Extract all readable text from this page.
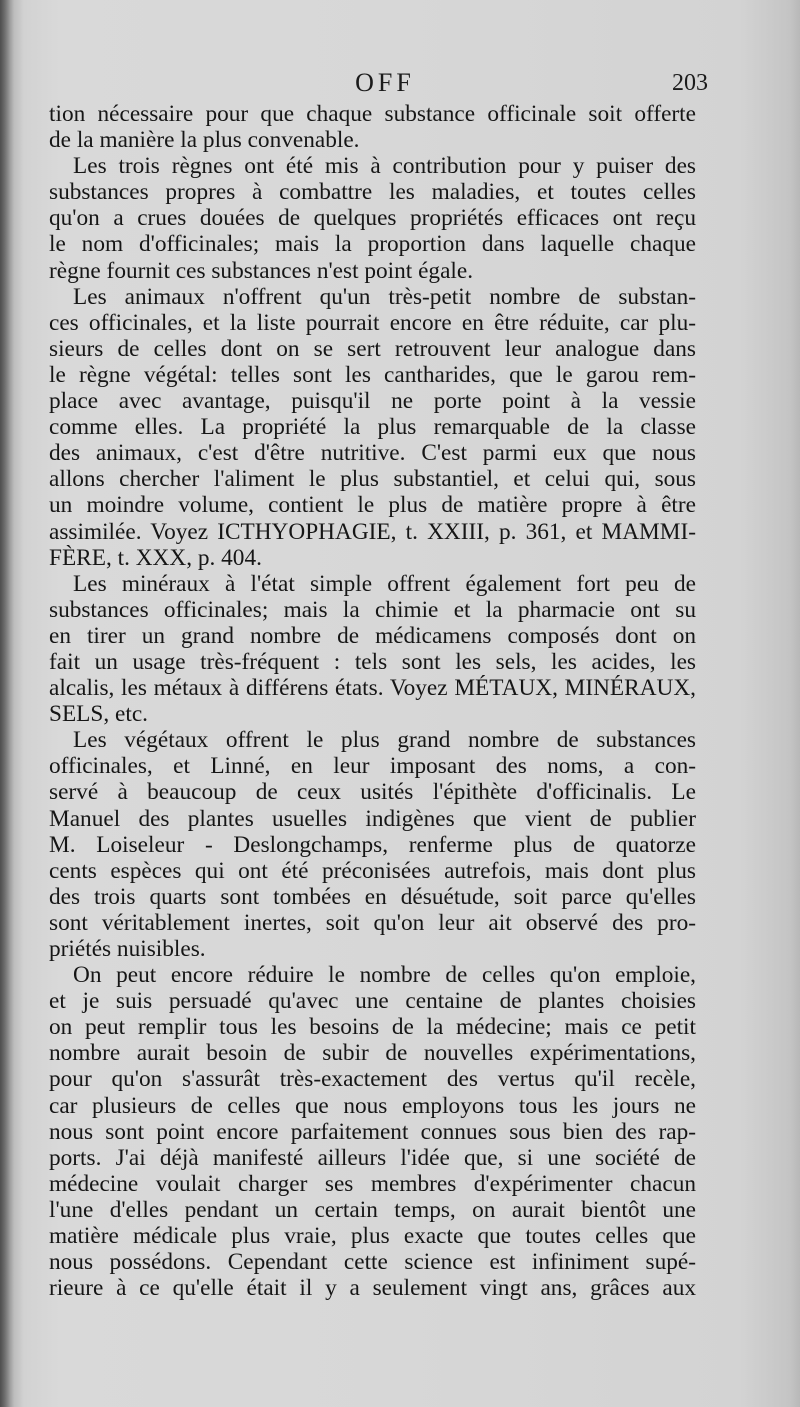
OFF	203
tion nécessaire pour que chaque substance officinale soit offerte
de la manière la plus convenable.
Les trois règnes ont été mis à contribution pour y puiser des
substances propres à combattre les maladies, et toutes celles
qu'on a crues douées de quelques propriétés efficaces ont reçu
le nom d'officinales; mais la proportion dans laquelle chaque
règne fournit ces substances n'est point égale.
Les animaux n'offrent qu'un très-petit nombre de substan-
ces officinales, et la liste pourrait encore en être réduite, car plu-
sieurs de celles dont on se sert retrouvent leur analogue dans
le règne végétal: telles sont les cantharides, que le garou rem-
place avec avantage, puisqu'il ne porte point à la vessie
comme elles. La propriété la plus remarquable de la classe
des animaux, c'est d'être nutritive. C'est parmi eux que nous
allons chercher l'aliment le plus substantiel, et celui qui, sous
un moindre volume, contient le plus de matière propre à être
assimilée. Voyez ICTHYOPHAGIE, t. XXIII, p. 361, et MAMMI-
FÈRE, t. XXX, p. 404.
Les minéraux à l'état simple offrent également fort peu de
substances officinales; mais la chimie et la pharmacie ont su
en tirer un grand nombre de médicamens composés dont on
fait un usage très-fréquent : tels sont les sels, les acides, les
alcalis, les métaux à différens états. Voyez MÉTAUX, MINÉRAUX,
SELS, etc.
Les végétaux offrent le plus grand nombre de substances
officinales, et Linné, en leur imposant des noms, a con-
servé à beaucoup de ceux usités l'épithète d'officinalis. Le
Manuel des plantes usuelles indigènes que vient de publier
M. Loiseleur - Deslongchamps, renferme plus de quatorze
cents espèces qui ont été préconisées autrefois, mais dont plus
des trois quarts sont tombées en désuétude, soit parce qu'elles
sont véritablement inertes, soit qu'on leur ait observé des pro-
priétés nuisibles.
On peut encore réduire le nombre de celles qu'on emploie,
et je suis persuadé qu'avec une centaine de plantes choisies
on peut remplir tous les besoins de la médecine; mais ce petit
nombre aurait besoin de subir de nouvelles expérimentations,
pour qu'on s'assurât très-exactement des vertus qu'il recèle,
car plusieurs de celles que nous employons tous les jours ne
nous sont point encore parfaitement connues sous bien des rap-
ports. J'ai déjà manifesté ailleurs l'idée que, si une société de
médecine voulait charger ses membres d'expérimenter chacun
l'une d'elles pendant un certain temps, on aurait bientôt une
matière médicale plus vraie, plus exacte que toutes celles que
nous possédons. Cependant cette science est infiniment supé-
rieure à ce qu'elle était il y a seulement vingt ans, grâces aux
